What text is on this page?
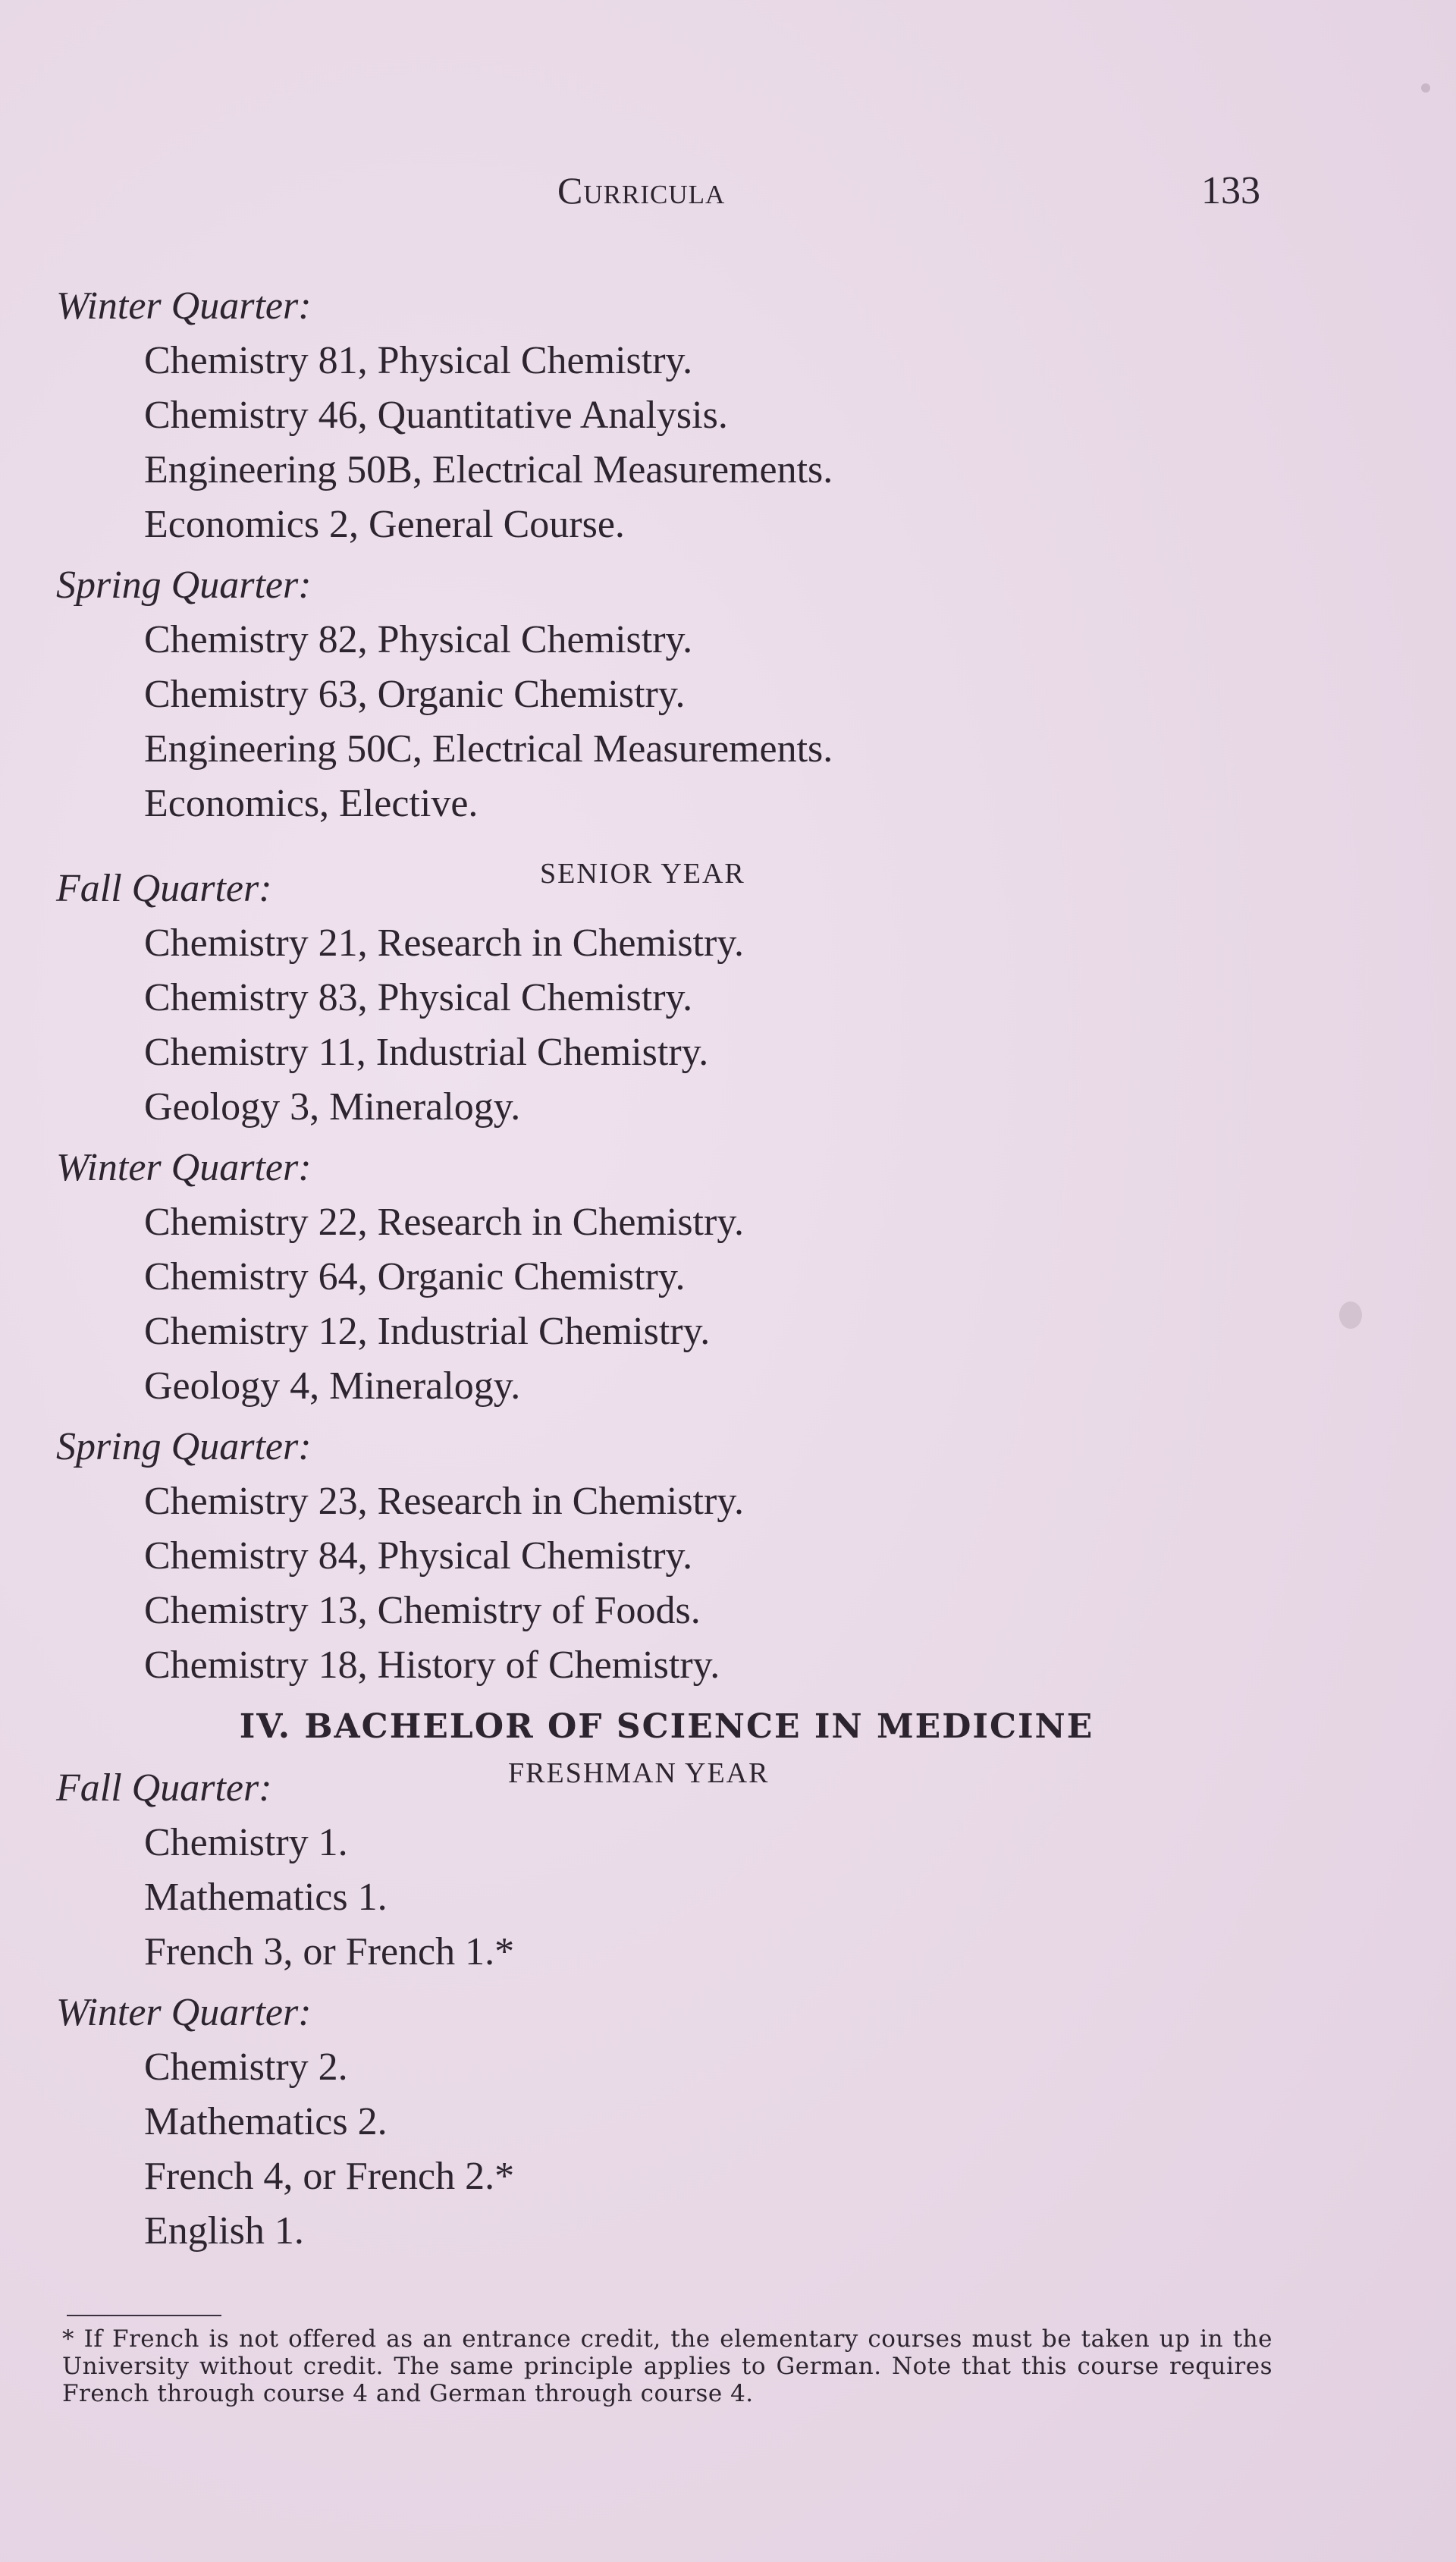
Curricula	133
Winter Quarter:
Chemistry 81, Physical Chemistry.
Chemistry 46, Quantitative Analysis.
Engineering 50B, Electrical Measurements.
Economics 2, General Course.
Spring Quarter:
Chemistry 82, Physical Chemistry.
Chemistry 63, Organic Chemistry.
Engineering 50C, Electrical Measurements.
Economics, Elective.
Fall Quarter:	SENIOR YEAR
Chemistry 21, Research in Chemistry.
Chemistry 83, Physical Chemistry.
Chemistry 11, Industrial Chemistry.
Geology 3, Mineralogy.
Winter Quarter:
Chemistry 22, Research in Chemistry.
Chemistry 64, Organic Chemistry.
Chemistry 12, Industrial Chemistry.
Geology 4, Mineralogy.
Spring Quarter:
Chemistry 23, Research in Chemistry.
Chemistry 84, Physical Chemistry.
Chemistry 13, Chemistry of Foods.
Chemistry 18, History of Chemistry.
IV. BACHELOR OF SCIENCE IN MEDICINE
Fall Quarter:	FRESHMAN YEAR
Chemistry 1.
Mathematics 1.
French 3, or French 1.*
Winter Quarter:
Chemistry 2.
Mathematics 2.
French 4, or French 2.*
English 1.
* If French is not offered as an entrance credit, the elementary courses must be taken up in the University without credit. The same principle applies to German. Note that this course requires French through course 4 and German through course 4.
